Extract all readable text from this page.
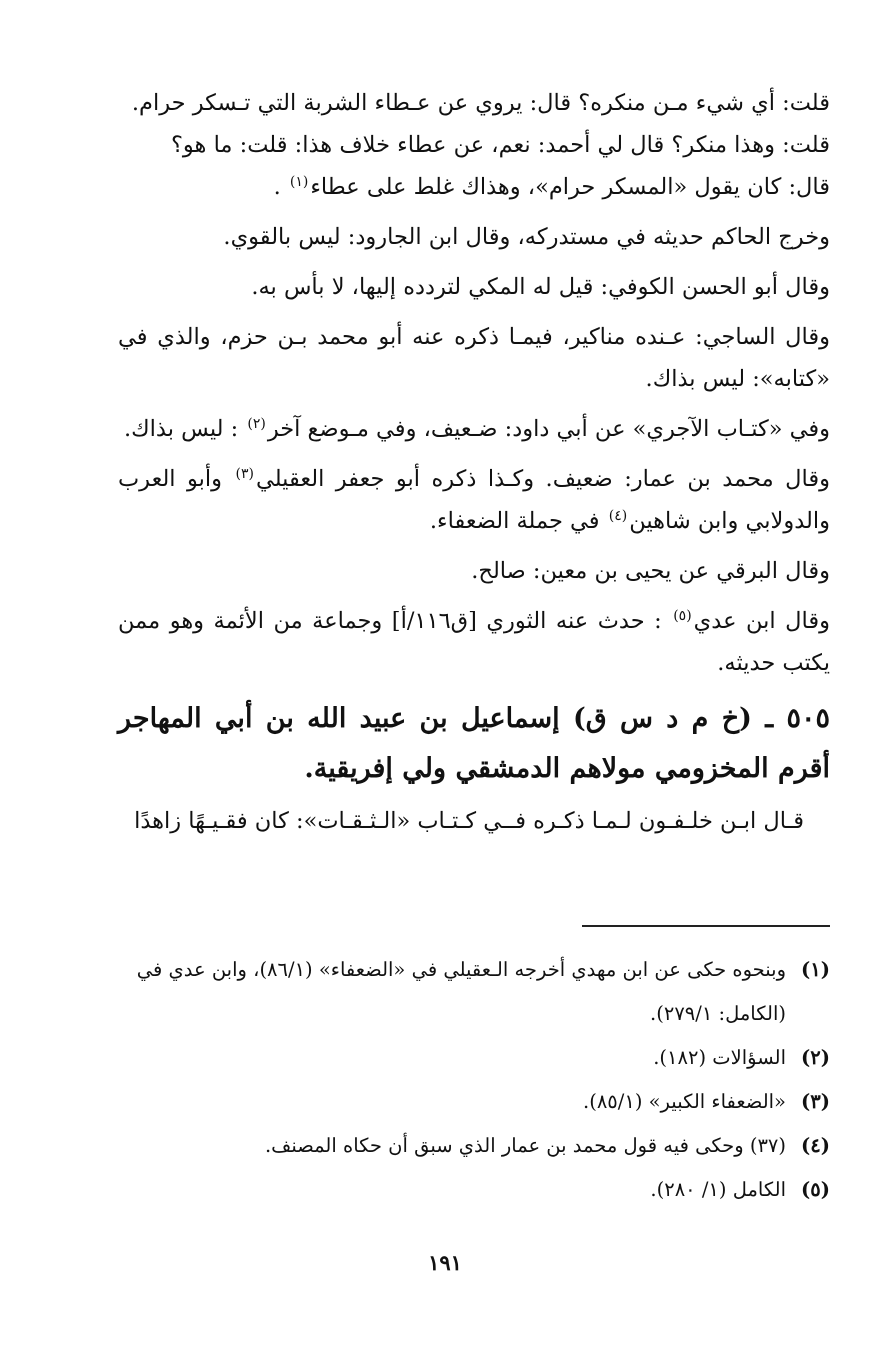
قلت: أي شيء مـن منكره؟ قال: يروي عن عـطاء الشربة التي تـسكر حرام.
قلت: وهذا منكر؟ قال لي أحمد: نعم، عن عطاء خلاف هذا: قلت: ما هو؟
قال: كان يقول «المسكر حرام»، وهذاك غلط على عطاء$^{(١)}$ .

وخرج الحاكم حديثه في مستدركه، وقال ابن الجارود: ليس بالقوي.

وقال أبو الحسن الكوفي: قيل له المكي لتردده إليها، لا بأس به.

وقال الساجي: عـنده مناكير، فيمـا ذكره عنه أبو محمد بـن حزم، والذي في «كتابه»: ليس بذاك.

وفي «كتـاب الآجري» عن أبي داود: ضـعيف، وفي مـوضع آخر$^{(٢)}$ : ليس بذاك.

وقال محمد بن عمار: ضعيف. وكـذا ذكره أبو جعفر العقيلي$^{(٣)}$ وأبو العرب والدولابي وابن شاهين$^{(٤)}$ في جملة الضعفاء.

وقال البرقي عن يحيى بن معين: صالح.

وقال ابن عدي$^{(٥)}$ : حدث عنه الثوري [ق١١٦/أ] وجماعة من الأئمة وهو ممن يكتب حديثه.

٥٠٥ ـ (خ م د س ق) إسماعيل بن عبيد الله بن أبي المهاجر أقرم المخزومي مولاهم الدمشقي ولي إفريقية.

قـال ابـن خلـفـون لـمـا ذكـره فــي كـتـاب «الـثـقـات»: كان فقـيـهًا زاهدًا

(١)
وبنحوه حكى عن ابن مهدي أخرجه الـعقيلي في «الضعفاء» (٨٦/١)، وابن عدي في (الكامل: ٢٧٩/١).
(٢)
السؤالات (١٨٢).
(٣)
«الضعفاء الكبير» (٨٥/١).
(٤)
(٣٧) وحكى فيه قول محمد بن عمار الذي سبق أن حكاه المصنف.
(٥)
الكامل (١/ ٢٨٠).
١٩١
